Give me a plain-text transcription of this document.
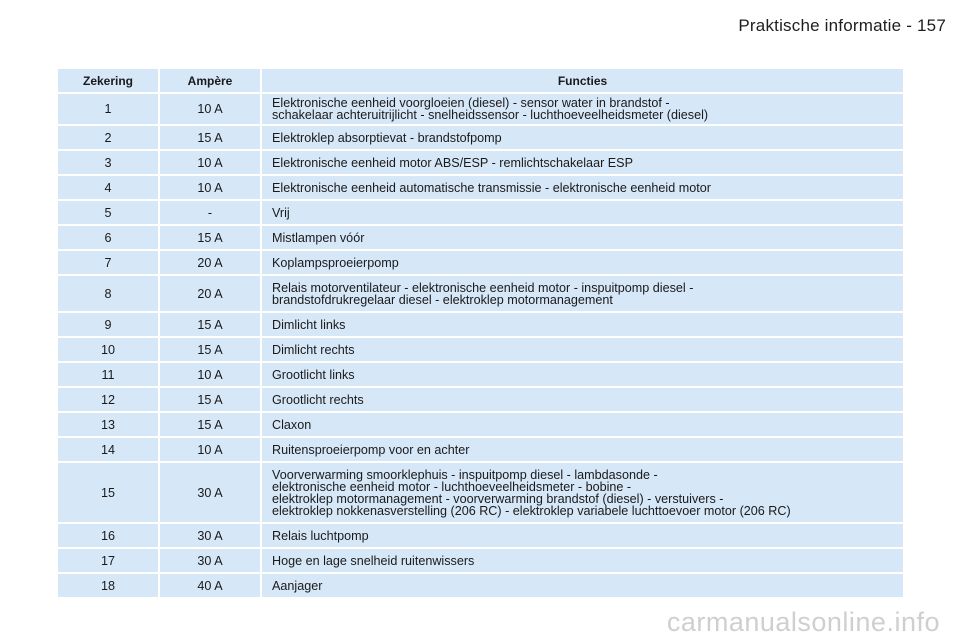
Praktische informatie - 157
Zekering	Ampère	Functies
1	10 A	Elektronische eenheid voorgloeien (diesel) - sensor water in brandstof -
schakelaar achteruitrijlicht - snelheidssensor - luchthoeveelheidsmeter (diesel)
2	15 A	Elektroklep absorptievat - brandstofpomp
3	10 A	Elektronische eenheid motor ABS/ESP - remlichtschakelaar ESP
4	10 A	Elektronische eenheid automatische transmissie - elektronische eenheid motor
5	-	Vrij
6	15 A	Mistlampen vóór
7	20 A	Koplampsproeierpomp
8	20 A	Relais motorventilateur - elektronische eenheid motor - inspuitpomp diesel -
brandstofdrukregelaar diesel - elektroklep motormanagement
9	15 A	Dimlicht links
10	15 A	Dimlicht rechts
11	10 A	Grootlicht links
12	15 A	Grootlicht rechts
13	15 A	Claxon
14	10 A	Ruitensproeierpomp voor en achter
15	30 A
Voorverwarming smoorklephuis - inspuitpomp diesel - lambdasonde -
elektronische eenheid motor - luchthoeveelheidsmeter - bobine -
elektroklep motormanagement - voorverwarming brandstof (diesel) - verstuivers -
elektroklep nokkenasverstelling (206 RC) - elektroklep variabele luchttoevoer motor (206 RC)
16	30 A	Relais luchtpomp
17	30 A	Hoge en lage snelheid ruitenwissers
18	40 A	Aanjager
carmanualsonline.info
